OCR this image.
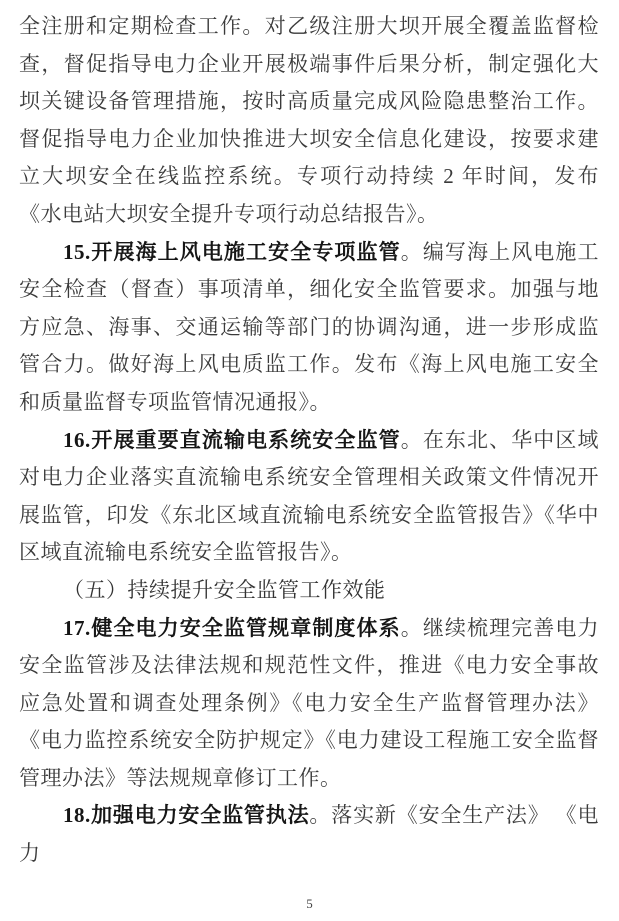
全注册和定期检查工作。对乙级注册大坝开展全覆盖监督检查，督促指导电力企业开展极端事件后果分析，制定强化大坝关键设备管理措施，按时高质量完成风险隐患整治工作。督促指导电力企业加快推进大坝安全信息化建设，按要求建立大坝安全在线监控系统。专项行动持续 2 年时间，发布《水电站大坝安全提升专项行动总结报告》。

15.开展海上风电施工安全专项监管。编写海上风电施工安全检查（督查）事项清单，细化安全监管要求。加强与地方应急、海事、交通运输等部门的协调沟通，进一步形成监管合力。做好海上风电质监工作。发布《海上风电施工安全和质量监督专项监管情况通报》。

16.开展重要直流输电系统安全监管。在东北、华中区域对电力企业落实直流输电系统安全管理相关政策文件情况开展监管，印发《东北区域直流输电系统安全监管报告》《华中区域直流输电系统安全监管报告》。

（五）持续提升安全监管工作效能

17.健全电力安全监管规章制度体系。继续梳理完善电力安全监管涉及法律法规和规范性文件，推进《电力安全事故应急处置和调查处理条例》《电力安全生产监督管理办法》《电力监控系统安全防护规定》《电力建设工程施工安全监督管理办法》等法规规章修订工作。

18.加强电力安全监管执法。落实新《安全生产法》 《电力

5
